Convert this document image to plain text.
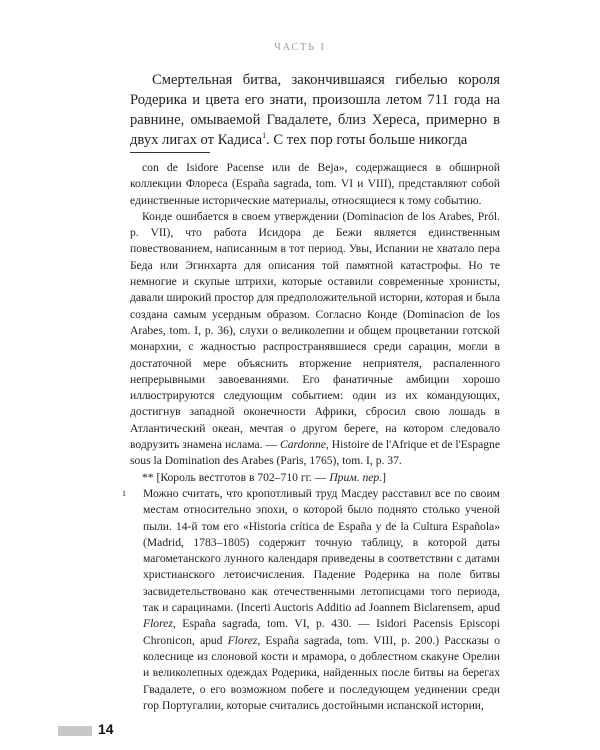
ЧАСТЬ I

Смертельная битва, закончившаяся гибелью короля Родерика и цвета его знати, произошла летом 711 года на равнине, омываемой Гвадалете, близ Хереса, примерно в двух лигах от Кадиса$^1$. С тех пор готы больше никогда

con de Isidore Pacense или de Beja», содержащиеся в обширной коллекции Флореса (España sagrada, tom. VI и VIII), представляют собой единственные исторические материалы, относящиеся к тому событию.

Конде ошибается в своем утверждении (Dominacion de los Arabes, Pról. p. VII), что работа Исидора де Бежи является единственным повествованием, написанным в тот период. Увы, Испании не хватало пера Беда или Эгинхарта для описания той памятной катастрофы. Но те немногие и скупые штрихи, которые оставили современные хронисты, давали широкий простор для предположительной истории, которая и была создана самым усердным образом. Согласно Конде (Dominacion de los Arabes, tom. I, p. 36), слухи о великолепии и общем процветании готской монархии, с жадностью распространявшиеся среди сарацин, могли в достаточной мере объяснить вторжение неприятеля, распаленного непрерывными завоеваниями. Его фанатичные амбиции хорошо иллюстрируются следующим событием: один из их командующих, достигнув западной оконечности Африки, сбросил свою лошадь в Атлантический океан, мечтая о другом береге, на котором следовало водрузить знамена ислама. — Cardonne, Histoire de l'Afrique et de l'Espagne sous la Domination des Arabes (Paris, 1765), tom. I, p. 37.

** [Король вестготов в 702–710 гг. — Прим. пер.]

1 Можно считать, что кропотливый труд Масдеу расставил все по своим местам относительно эпохи, о которой было поднято столько ученой пыли. 14-й том его «Historia crítica de España y de la Cultura Española» (Madrid, 1783–1805) содержит точную таблицу, в которой даты магометанского лунного календаря приведены в соответствии с датами христианского летоисчисления. Падение Родерика на поле битвы засвидетельствовано как отечественными летописцами того периода, так и сарацинами. (Incerti Auctoris Additio ad Joannem Biclarensem, apud Florez, España sagrada, tom. VI, p. 430. — Isidori Pacensis Episcopi Chronicon, apud Florez, España sagrada, tom. VIII, p. 200.) Рассказы о колеснице из слоновой кости и мрамора, о доблестном скакуне Орелии и великолепных одеждах Родерика, найденных после битвы на берегах Гвадалете, о его возможном побеге и последующем уединении среди гор Португалии, которые считались достойными испанской истории,

14
